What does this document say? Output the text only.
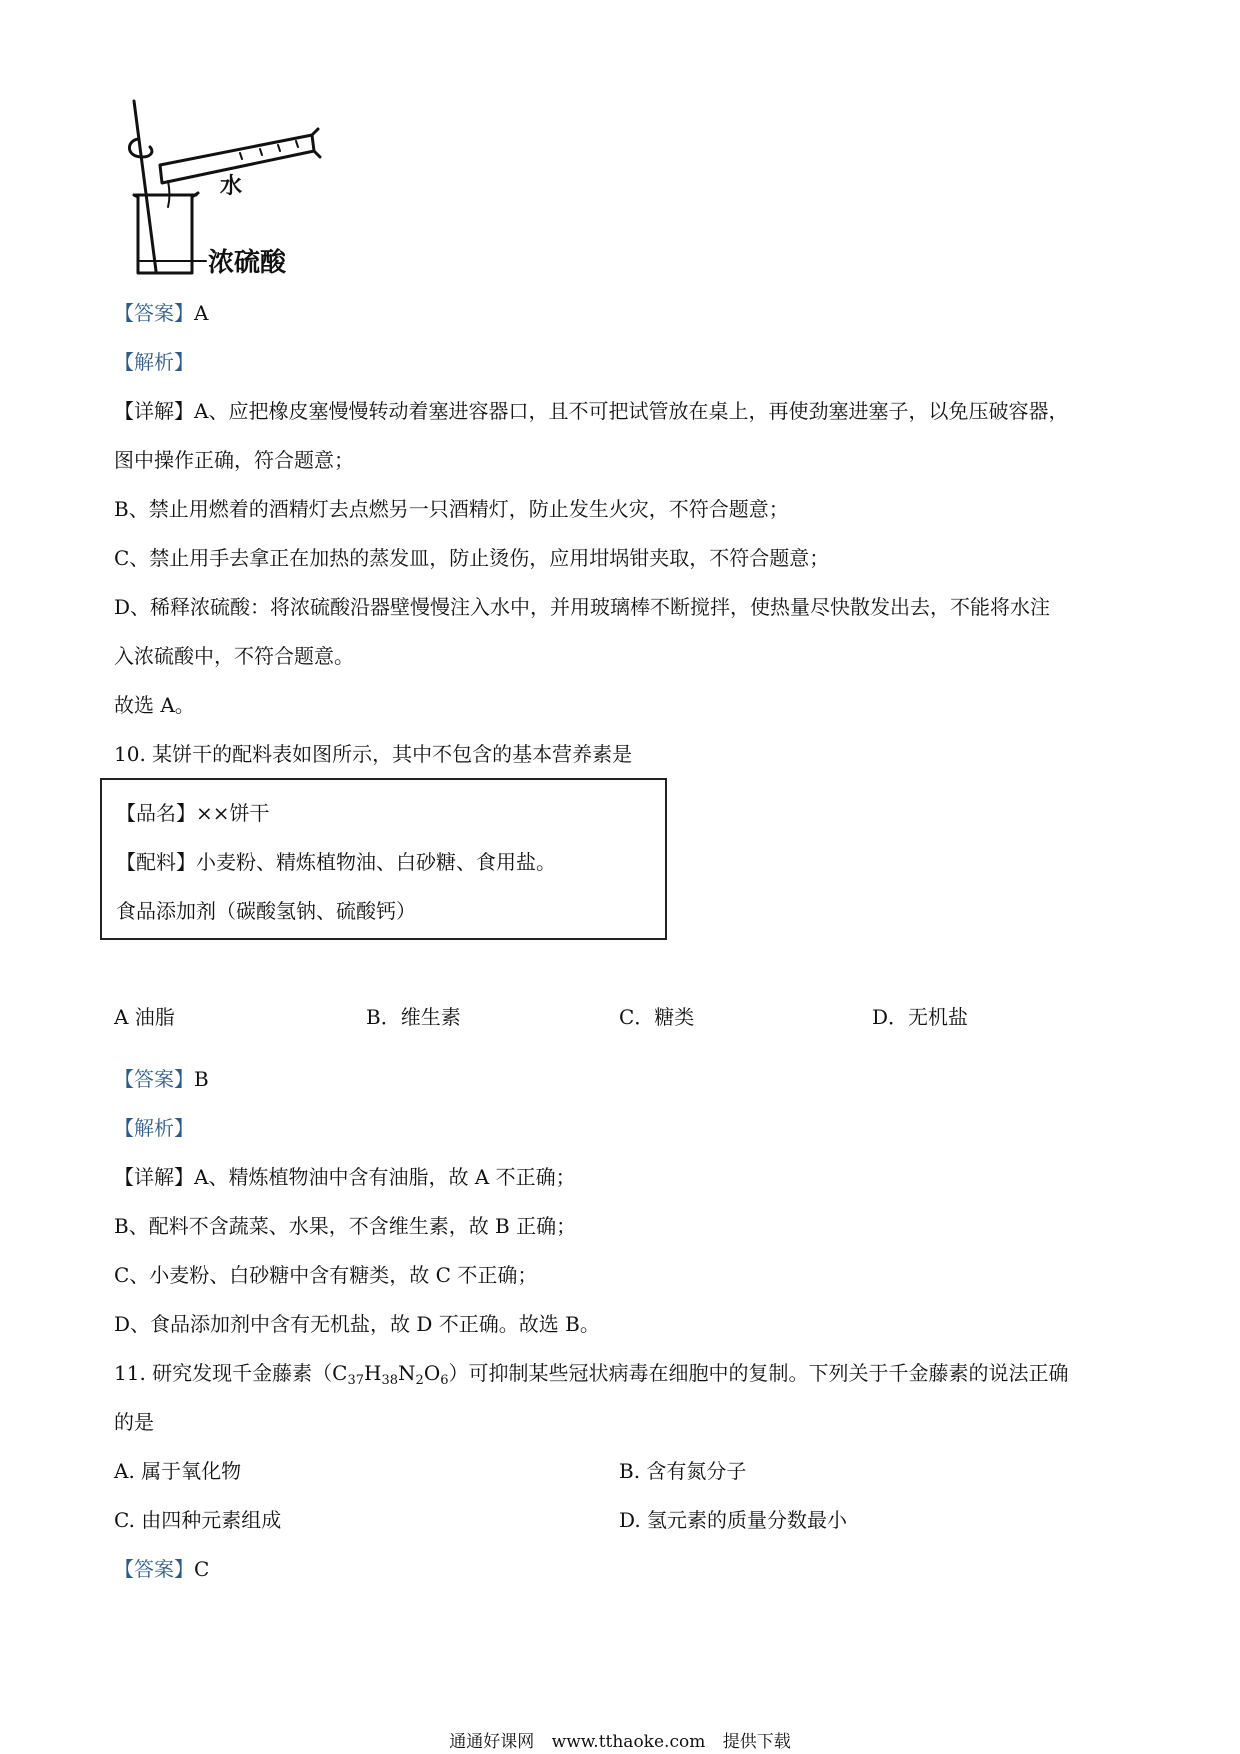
水
浓硫酸
【答案】A
【解析】
【详解】A、应把橡皮塞慢慢转动着塞进容器口，且不可把试管放在桌上，再使劲塞进塞子，以免压破容器，
图中操作正确，符合题意；
B、禁止用燃着的酒精灯去点燃另一只酒精灯，防止发生火灾，不符合题意；
C、禁止用手去拿正在加热的蒸发皿，防止烫伤，应用坩埚钳夹取，不符合题意；
D、稀释浓硫酸：将浓硫酸沿器壁慢慢注入水中，并用玻璃棒不断搅拌，使热量尽快散发出去，不能将水注
入浓硫酸中，不符合题意。
故选 A。
10. 某饼干的配料表如图所示，其中不包含的基本营养素是
【品名】××饼干
【配料】小麦粉、精炼植物油、白砂糖、食用盐。
食品添加剂（碳酸氢钠、硫酸钙）
A 油脂	B．维生素	C．糖类	D．无机盐
【答案】B
【解析】
【详解】A、精炼植物油中含有油脂，故 A 不正确；
B、配料不含蔬菜、水果，不含维生素，故 B 正确；
C、小麦粉、白砂糖中含有糖类，故 C 不正确；
D、食品添加剂中含有无机盐，故 D 不正确。故选 B。
11. 研究发现千金藤素$(C_{37}H_{38}N_2O_6)$可抑制某些冠状病毒在细胞中的复制。下列关于千金藤素的说法正确
的是
A. 属于氧化物	B. 含有氮分子
C. 由四种元素组成	D. 氢元素的质量分数最小
【答案】C
通通好课网 www.tthaoke.com 提供下载
